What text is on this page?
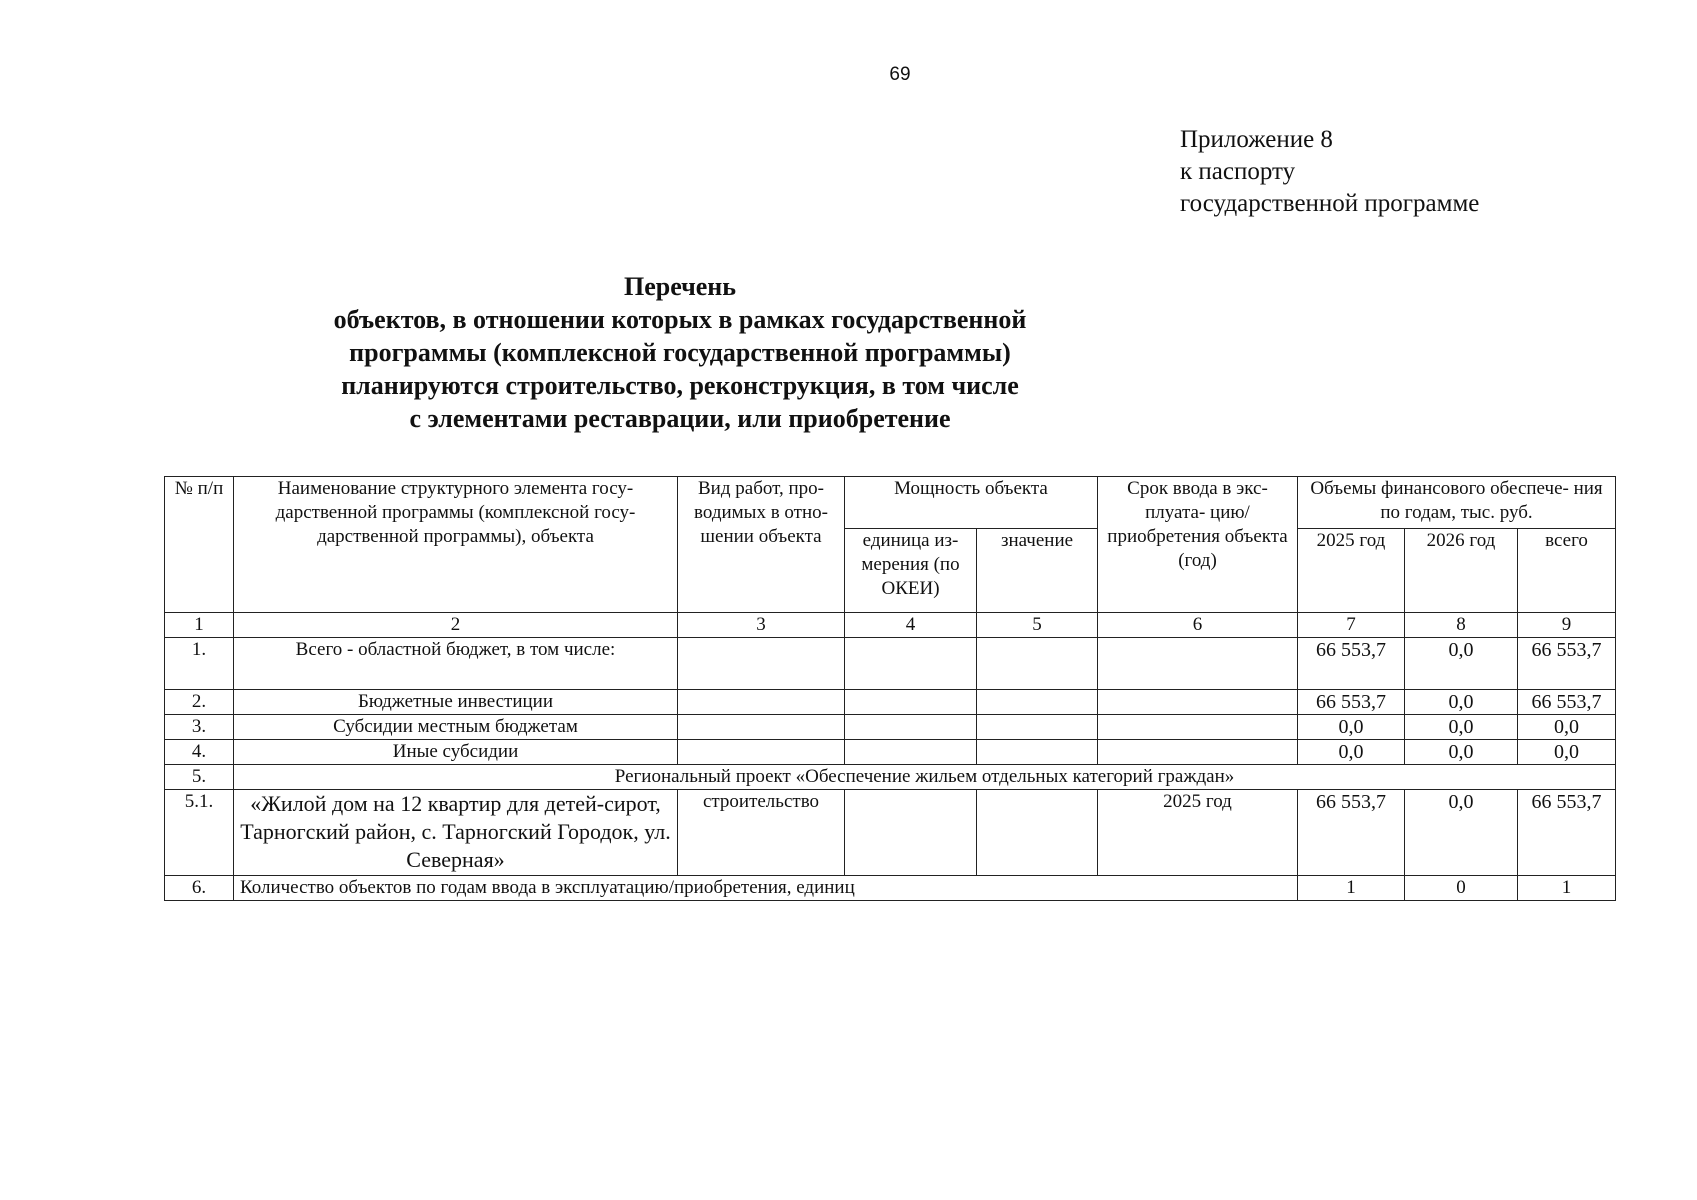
69
Приложение 8
к паспорту
государственной программе
Перечень
объектов, в отношении которых в рамках государственной
программы (комплексной государственной программы)
планируются строительство, реконструкция, в том числе
с элементами реставрации, или приобретение
№ п/п	Наименование структурного элемента госу- дарственной программы (комплексной госу- дарственной программы), объекта	Вид работ, про- водимых в отно- шении объекта	Мощность объекта		Срок ввода в экс- плуата- цию/приобретения объекта (год)	Объемы финансового обеспече- ния по годам, тыс. руб.		
			единица из- мерения (по ОКЕИ)	значение		2025 год	2026 год	всего
1	2	3	4	5	6	7	8	9
1.	Всего - областной бюджет, в том числе:					66 553,7	0,0	66 553,7
2.	Бюджетные инвестиции					66 553,7	0,0	66 553,7
3.	Субсидии местным бюджетам					0,0	0,0	0,0
4.	Иные субсидии					0,0	0,0	0,0
5.	Региональный проект «Обеспечение жильем отдельных категорий граждан»							
5.1.	«Жилой дом на 12 квартир для детей-сирот, Тарногский район, с. Тарногский Городок, ул. Северная»	строительство			2025 год	66 553,7	0,0	66 553,7
6.	Количество объектов по годам ввода в эксплуатацию/приобретения, единиц					1	0	1
